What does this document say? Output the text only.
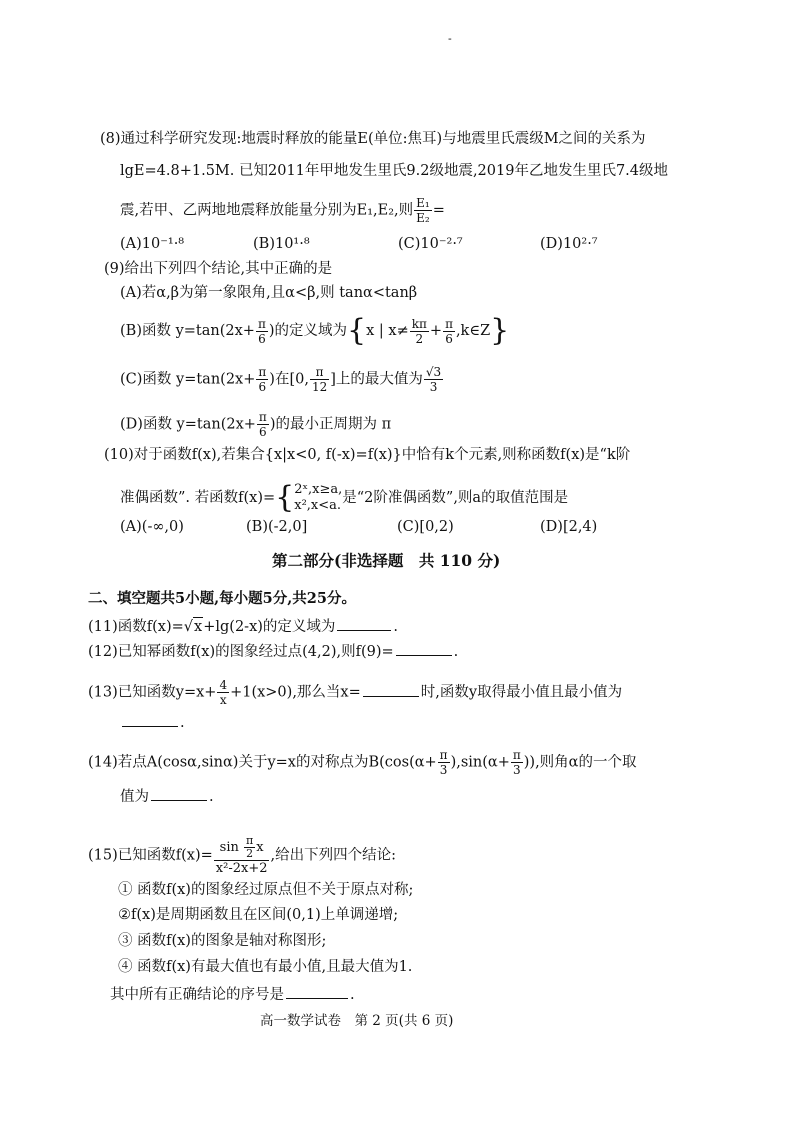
-
(8)通过科学研究发现:地震时释放的能量E(单位:焦耳)与地震里氏震级M之间的关系为
lgE=4.8+1.5M. 已知2011年甲地发生里氏9.2级地震,2019年乙地发生里氏7.4级地
震,若甲、乙两地地震释放能量分别为E₁,E₂,则 $\frac{\text{E₁}}{\text{E₂}}$ =
(A)10⁻¹·⁸	(B)10¹·⁸	(C)10⁻²·⁷	(D)10²·⁷
(9)给出下列四个结论,其中正确的是
(A)若α,β为第一象限角,且α<β,则 tanα<tanβ
(B)函数 $y=\tan(2x+ \frac{\pi}{6}$ )的定义域为{x | $x\ne \frac{k\pi}{2} + \frac{\pi}{6}$ ,k∈Z}
(C)函数 $y=\tan(2x+ \frac{\pi}{6}$ )在[0, $\frac{\pi}{12}$ ]上的最大值为 $\frac{√3}{3}$
(D)函数 $y=\tan(2x+ \frac{\pi}{6}$ )的最小正周期为 π
(10)对于函数f(x),若集合{x|x<0, f(-x)=f(x)}中恰有k个元素,则称函数f(x)是“k阶
准偶函数”. 若函数f(x)={ 2ˣ,x≥a,
x²,x<a. 是“2阶准偶函数”,则a的取值范围是
(A)(-∞,0)	(B)(-2,0]	(C)[0,2)	(D)[2,4)
第二部分(非选择题　共 110 分)
二、填空题共5小题,每小题5分,共25分。
(11)函数f(x)=√x+lg(2-x)的定义域为	.
(12)已知幂函数f(x)的图象经过点(4,2),则f(9)=	.
(13)已知函数$y=x+ \frac{4}{x} +1(x>0)$,那么当x=	时,函数y取得最小值且最小值为
.
(14)若点A(cosα,sinα)关于y=x的对称点为$B(\cos(\alpha+ \frac{\pi}{3} ),\sin(\alpha+ \frac{\pi}{3}$ )),则角α的一个取
值为	.
(15)已知函数$f(x)= \frac{\sin \frac{\pi}{2} x}{\text{x²-2x+2}}$ ,给出下列四个结论:
① 函数f(x)的图象经过原点但不关于原点对称;
②f(x)是周期函数且在区间(0,1)上单调递增;
③ 函数f(x)的图象是轴对称图形;
④ 函数f(x)有最大值也有最小值,且最大值为1.
其中所有正确结论的序号是	.
高一数学试卷　第 2 页(共 6 页)
